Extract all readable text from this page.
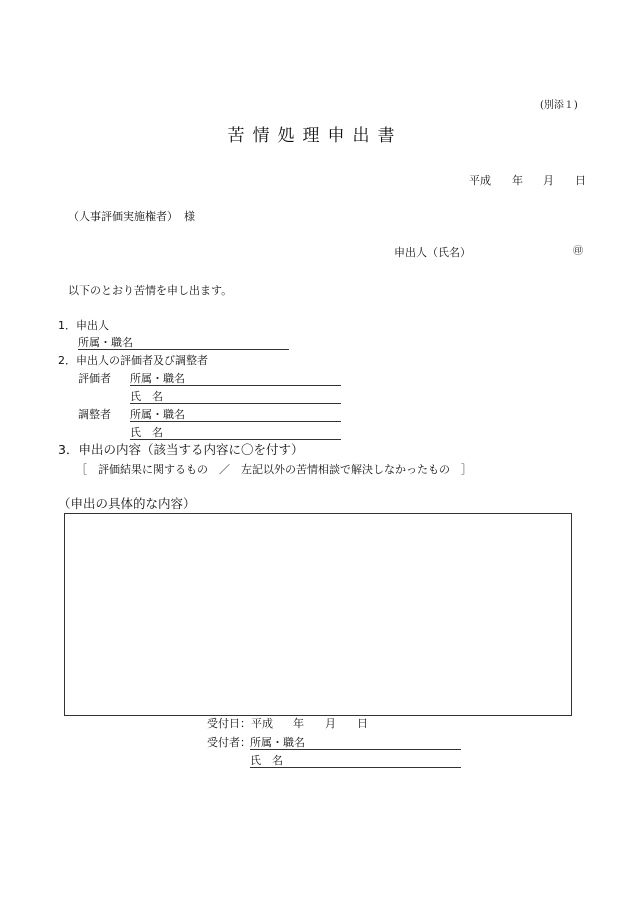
(別添１)
苦情処理申出書
平成 年 月 日
（人事評価実施権者） 様
申出人（氏名）	㊞
以下のとおり苦情を申し出ます。
1．申出人
所属・職名
2．申出人の評価者及び調整者
評価者 所属・職名
氏　名
調整者 所属・職名
氏　名
3．申出の内容（該当する内容に〇を付す）
［　評価結果に関するもの　／　左記以外の苦情相談で解決しなかったもの　］
（申出の具体的な内容）
受付日：平成 年 月 日
受付者： 所属・職名
氏　名
